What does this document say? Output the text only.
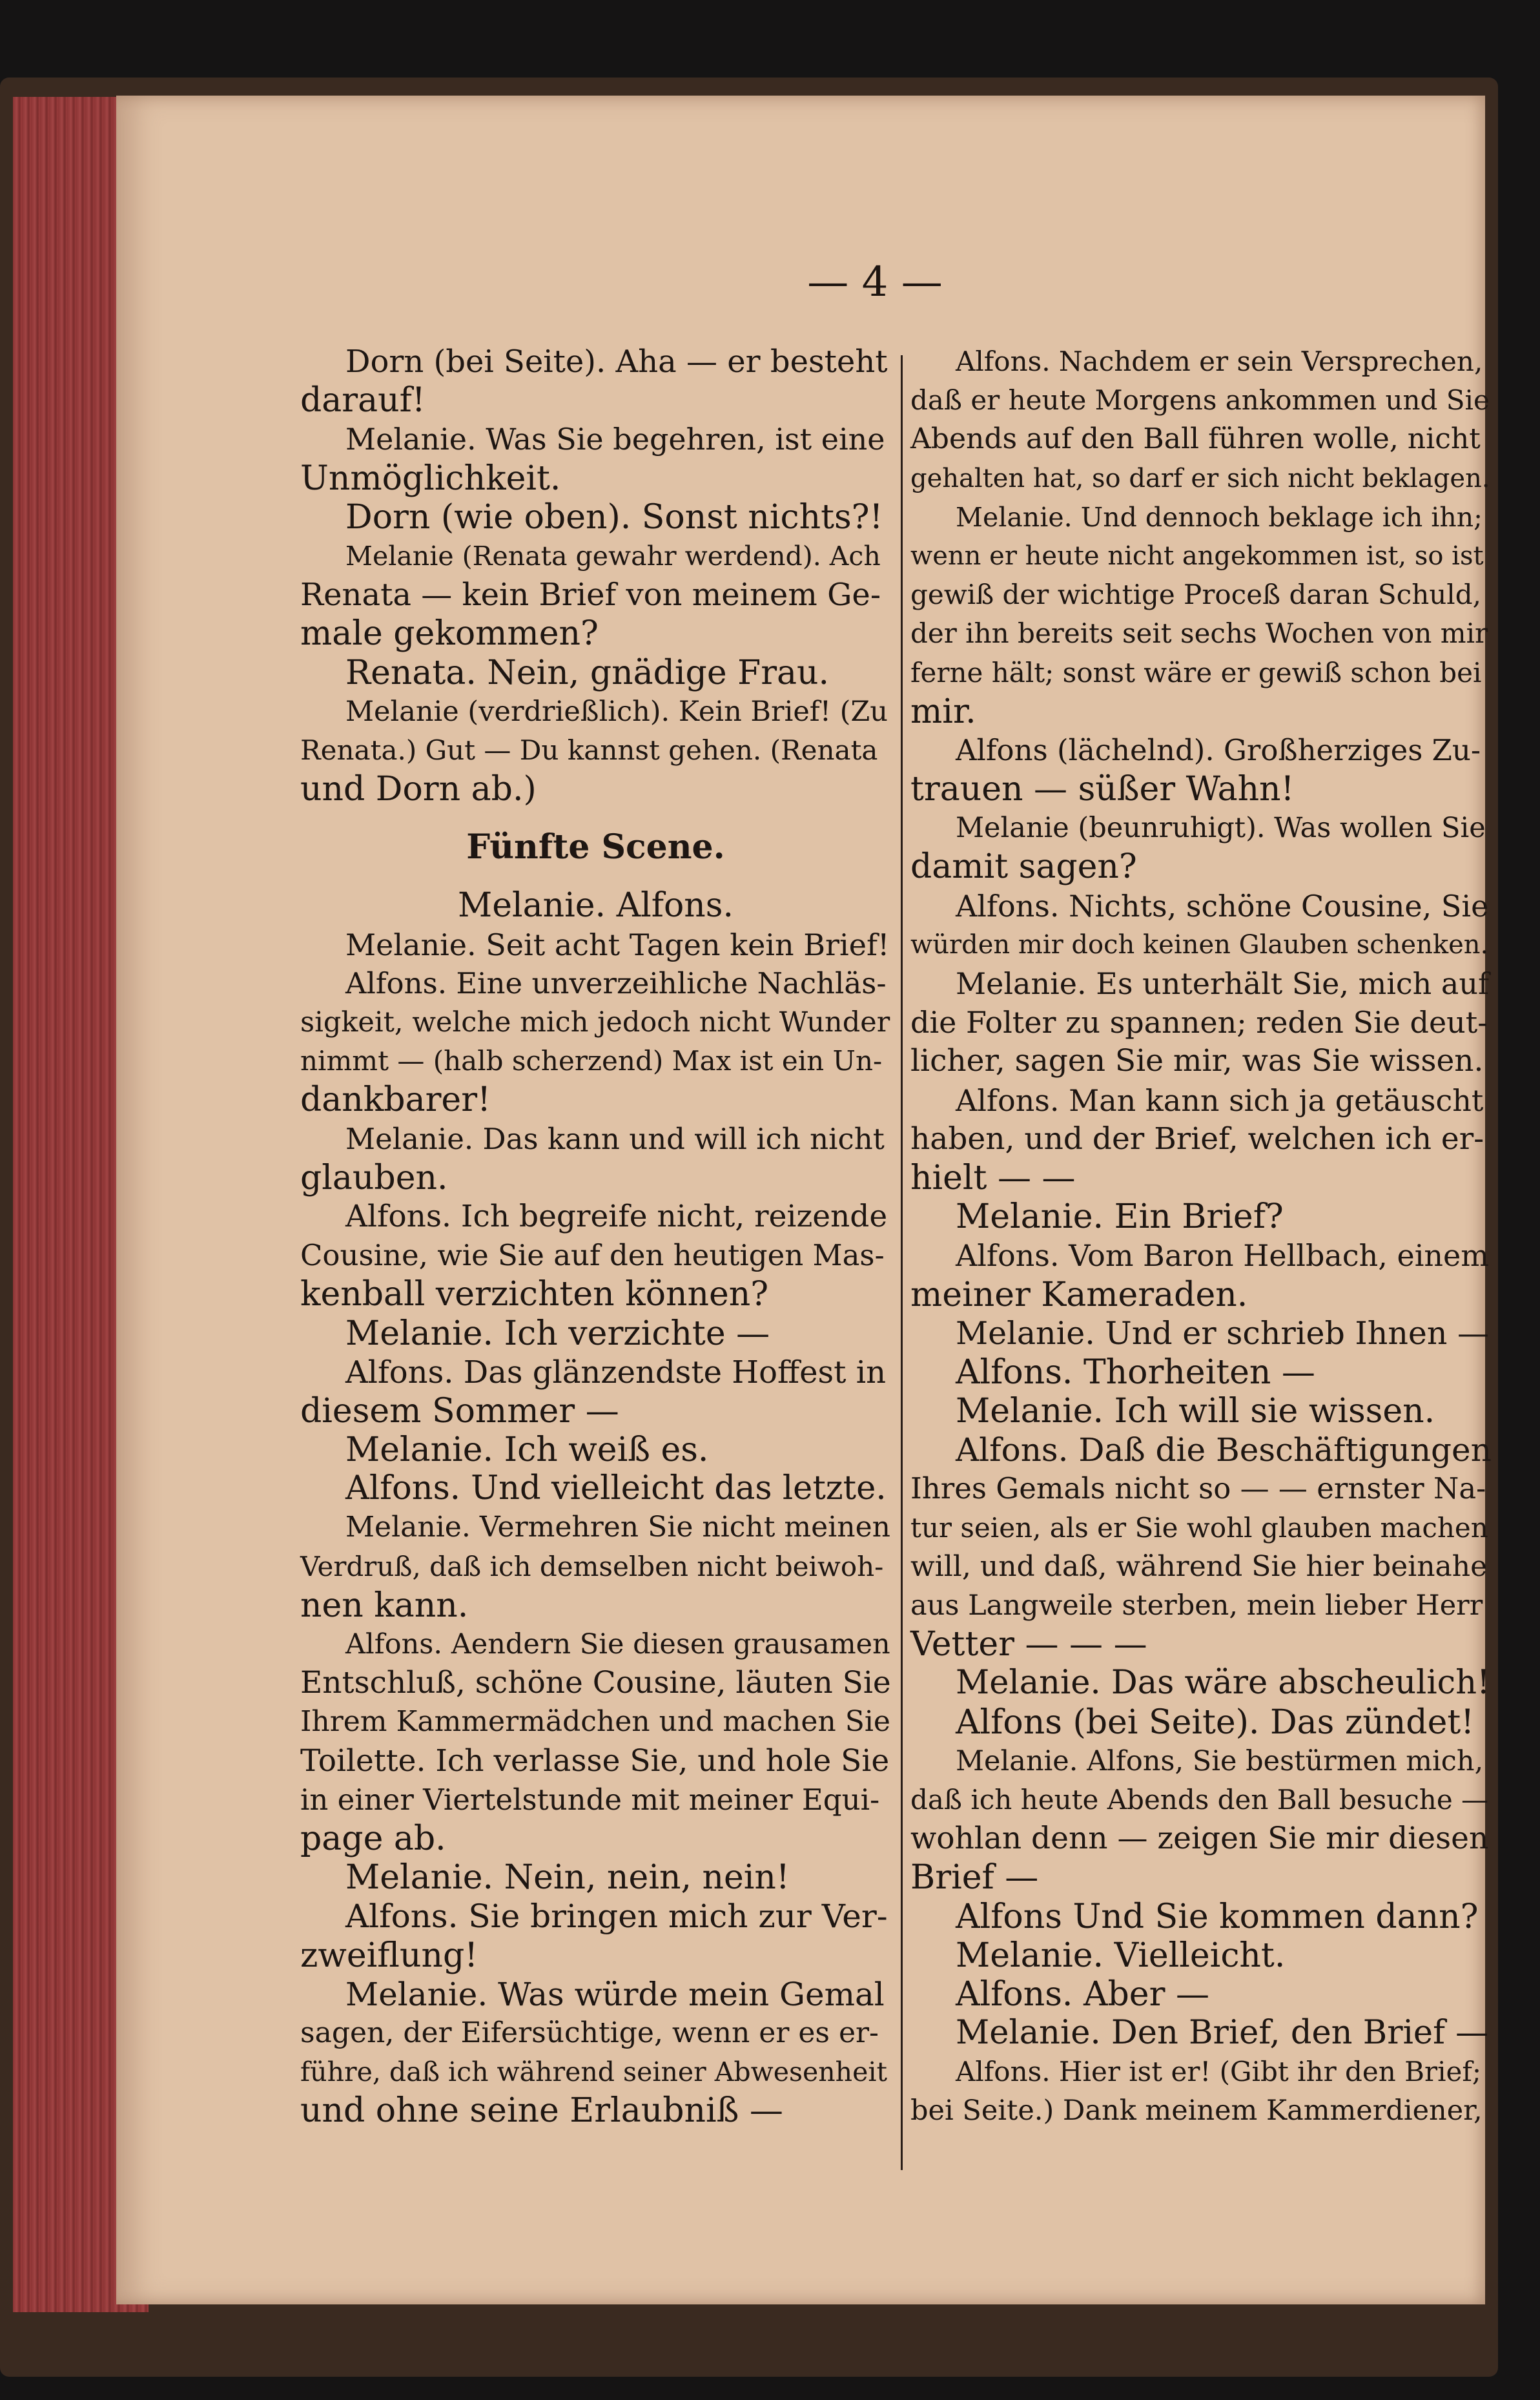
— 4 —
Dorn (bei Seite). Aha — er besteht
darauf!
Melanie. Was Sie begehren, ist eine
Unmöglichkeit.
Dorn (wie oben). Sonst nichts?!
Melanie (Renata gewahr werdend). Ach
Renata — kein Brief von meinem Ge-
male gekommen?
Renata. Nein, gnädige Frau.
Melanie (verdrießlich). Kein Brief! (Zu
Renata.) Gut — Du kannst gehen. (Renata
und Dorn ab.)
Fünfte Scene.
Melanie. Alfons.
Melanie. Seit acht Tagen kein Brief!
Alfons. Eine unverzeihliche Nachläs-
sigkeit, welche mich jedoch nicht Wunder
nimmt — (halb scherzend) Max ist ein Un-
dankbarer!
Melanie. Das kann und will ich nicht
glauben.
Alfons. Ich begreife nicht, reizende
Cousine, wie Sie auf den heutigen Mas-
kenball verzichten können?
Melanie. Ich verzichte —
Alfons. Das glänzendste Hoffest in
diesem Sommer —
Melanie. Ich weiß es.
Alfons. Und vielleicht das letzte.
Melanie. Vermehren Sie nicht meinen
Verdruß, daß ich demselben nicht beiwoh-
nen kann.
Alfons. Aendern Sie diesen grausamen
Entschluß, schöne Cousine, läuten Sie
Ihrem Kammermädchen und machen Sie
Toilette. Ich verlasse Sie, und hole Sie
in einer Viertelstunde mit meiner Equi-
page ab.
Melanie. Nein, nein, nein!
Alfons. Sie bringen mich zur Ver-
zweiflung!
Melanie. Was würde mein Gemal
sagen, der Eifersüchtige, wenn er es er-
führe, daß ich während seiner Abwesenheit
und ohne seine Erlaubniß —
Alfons. Nachdem er sein Versprechen,
daß er heute Morgens ankommen und Sie
Abends auf den Ball führen wolle, nicht
gehalten hat, so darf er sich nicht beklagen.
Melanie. Und dennoch beklage ich ihn;
wenn er heute nicht angekommen ist, so ist
gewiß der wichtige Proceß daran Schuld,
der ihn bereits seit sechs Wochen von mir
ferne hält; sonst wäre er gewiß schon bei
mir.
Alfons (lächelnd). Großherziges Zu-
trauen — süßer Wahn!
Melanie (beunruhigt). Was wollen Sie
damit sagen?
Alfons. Nichts, schöne Cousine, Sie
würden mir doch keinen Glauben schenken.
Melanie. Es unterhält Sie, mich auf
die Folter zu spannen; reden Sie deut-
licher, sagen Sie mir, was Sie wissen.
Alfons. Man kann sich ja getäuscht
haben, und der Brief, welchen ich er-
hielt — —
Melanie. Ein Brief?
Alfons. Vom Baron Hellbach, einem
meiner Kameraden.
Melanie. Und er schrieb Ihnen —
Alfons. Thorheiten —
Melanie. Ich will sie wissen.
Alfons. Daß die Beschäftigungen
Ihres Gemals nicht so — — ernster Na-
tur seien, als er Sie wohl glauben machen
will, und daß, während Sie hier beinahe
aus Langweile sterben, mein lieber Herr
Vetter — — —
Melanie. Das wäre abscheulich!
Alfons (bei Seite). Das zündet!
Melanie. Alfons, Sie bestürmen mich,
daß ich heute Abends den Ball besuche —
wohlan denn — zeigen Sie mir diesen
Brief —
Alfons Und Sie kommen dann?
Melanie. Vielleicht.
Alfons. Aber —
Melanie. Den Brief, den Brief —
Alfons. Hier ist er! (Gibt ihr den Brief;
bei Seite.) Dank meinem Kammerdiener,
